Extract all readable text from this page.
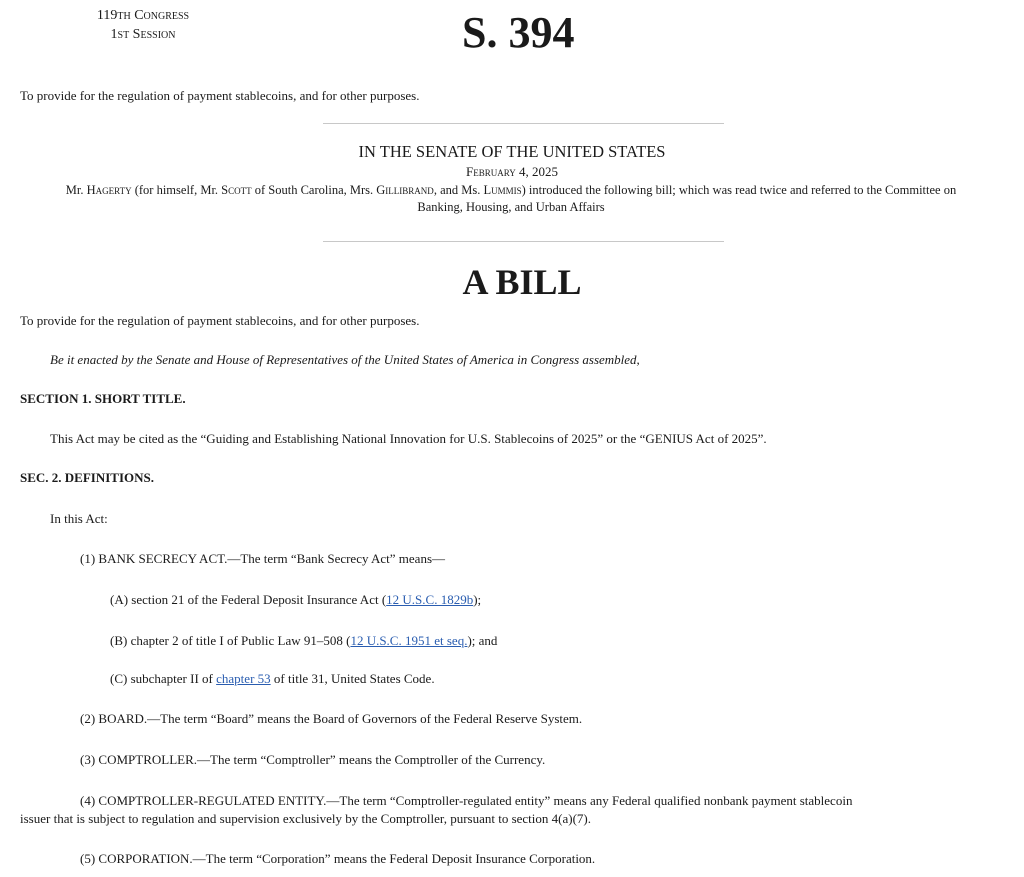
119th Congress
1st Session	S. 394
To provide for the regulation of payment stablecoins, and for other purposes.
IN THE SENATE OF THE UNITED STATES
February 4, 2025
Mr. Hagerty (for himself, Mr. Scott of South Carolina, Mrs. Gillibrand, and Ms. Lummis) introduced the following bill; which was read twice and referred to the Committee on
Banking, Housing, and Urban Affairs
A BILL
To provide for the regulation of payment stablecoins, and for other purposes.
Be it enacted by the Senate and House of Representatives of the United States of America in Congress assembled,
SECTION 1. SHORT TITLE.
This Act may be cited as the “Guiding and Establishing National Innovation for U.S. Stablecoins of 2025” or the “GENIUS Act of 2025”.
SEC. 2. DEFINITIONS.
In this Act:
(1) BANK SECRECY ACT.—The term “Bank Secrecy Act” means—
(A) section 21 of the Federal Deposit Insurance Act (12 U.S.C. 1829b);
(B) chapter 2 of title I of Public Law 91–508 (12 U.S.C. 1951 et seq.); and
(C) subchapter II of chapter 53 of title 31, United States Code.
(2) BOARD.—The term “Board” means the Board of Governors of the Federal Reserve System.
(3) COMPTROLLER.—The term “Comptroller” means the Comptroller of the Currency.
(4) COMPTROLLER-REGULATED ENTITY.—The term “Comptroller-regulated entity” means any Federal qualified nonbank payment stablecoin
issuer that is subject to regulation and supervision exclusively by the Comptroller, pursuant to section 4(a)(7).
(5) CORPORATION.—The term “Corporation” means the Federal Deposit Insurance Corporation.
